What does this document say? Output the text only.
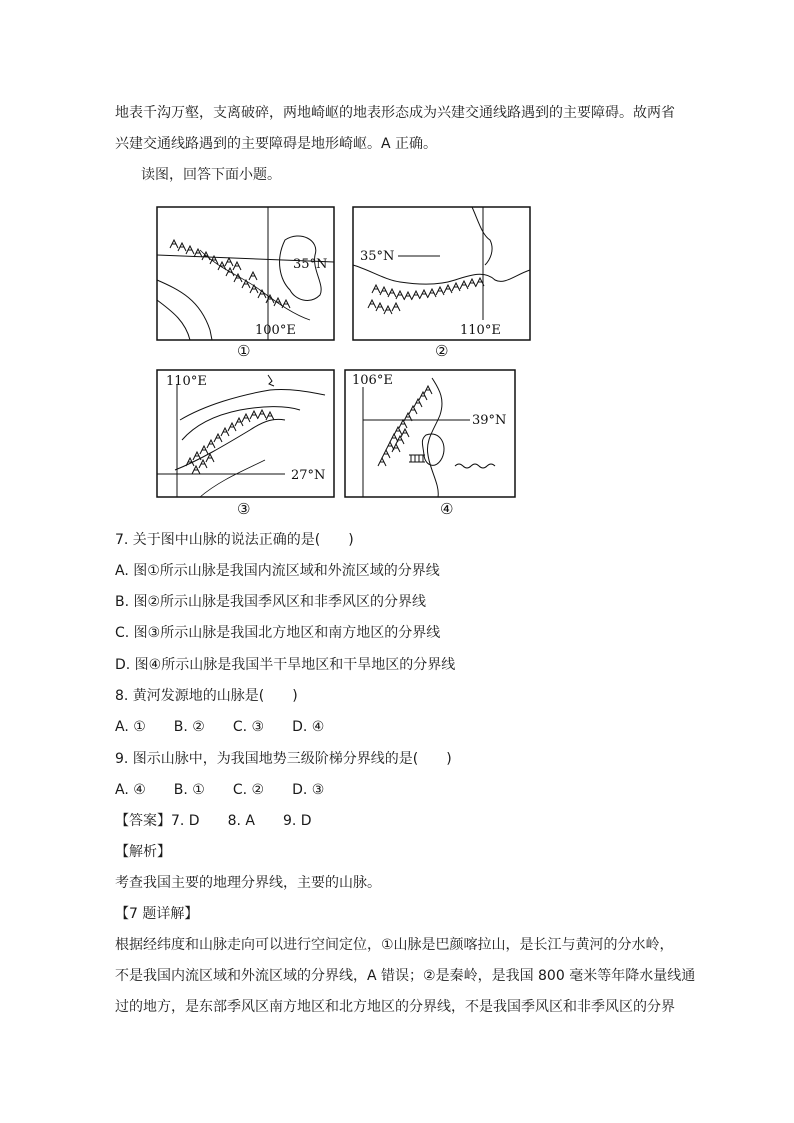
地表千沟万壑，支离破碎，两地崎岖的地表形态成为兴建交通线路遇到的主要障碍。故两省
兴建交通线路遇到的主要障碍是地形崎岖。A 正确。
读图，回答下面小题。
35°N
100°E
①
35°N
110°E
②
110°E
27°N
③
106°E
39°N
④
7. 关于图中山脉的说法正确的是(　　)
A. 图①所示山脉是我国内流区域和外流区域的分界线
B. 图②所示山脉是我国季风区和非季风区的分界线
C. 图③所示山脉是我国北方地区和南方地区的分界线
D. 图④所示山脉是我国半干旱地区和干旱地区的分界线
8. 黄河发源地的山脉是(　　)
A. ①　　B. ②　　C. ③　　D. ④
9. 图示山脉中，为我国地势三级阶梯分界线的是(　　)
A. ④　　B. ①　　C. ②　　D. ③
【答案】7. D　　8. A　　9. D
【解析】
考查我国主要的地理分界线，主要的山脉。
【7 题详解】
根据经纬度和山脉走向可以进行空间定位，①山脉是巴颜喀拉山，是长江与黄河的分水岭，
不是我国内流区域和外流区域的分界线，A 错误；②是秦岭，是我国 800 毫米等年降水量线通
过的地方，是东部季风区南方地区和北方地区的分界线，不是我国季风区和非季风区的分界
